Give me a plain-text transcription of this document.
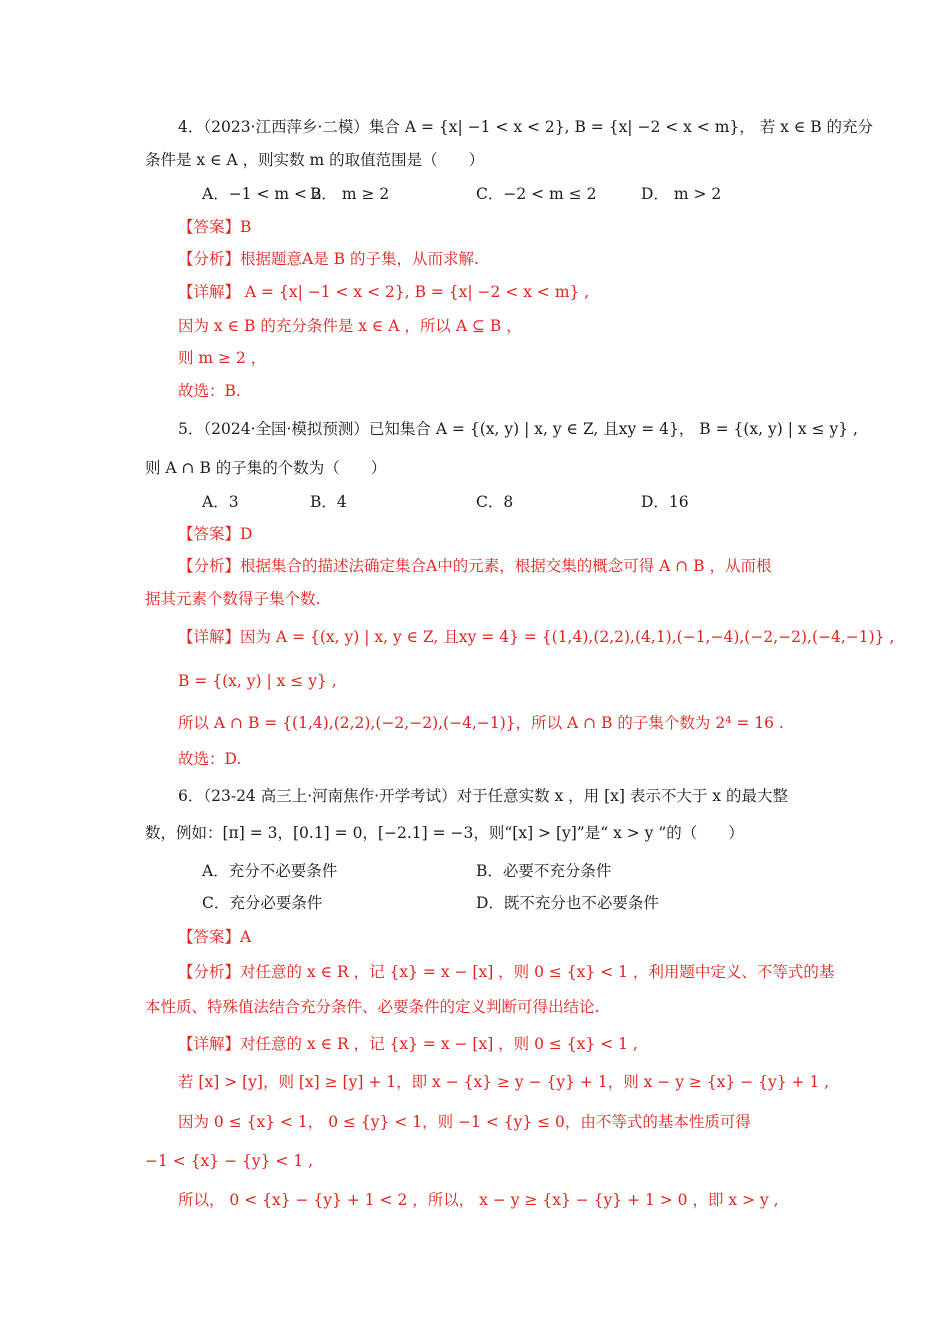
4．（2023·江西萍乡·二模）集合 A = {x| −1 < x < 2}, B = {x| −2 < x < m}， 若 x ∈ B 的充分
条件是 x ∈ A ，则实数 m 的取值范围是（　　）
A．−1 < m < 2
B． m ≥ 2	C．−2 < m ≤ 2	D． m > 2
【答案】B
【分析】根据题意A是 B 的子集，从而求解.
【详解】 A = {x| −1 < x < 2}, B = {x| −2 < x < m} ,
因为 x ∈ B 的充分条件是 x ∈ A ，所以 A ⊆ B ，
则 m ≥ 2 ，
故选：B.
5．（2024·全国·模拟预测）已知集合 A = {(x, y) | x, y ∈ Z, 且xy = 4}， B = {(x, y) | x ≤ y} ,
则 A ∩ B 的子集的个数为（　　）
A．3	B．4	C．8	D．16
【答案】D
【分析】根据集合的描述法确定集合A中的元素，根据交集的概念可得 A ∩ B ，从而根
据其元素个数得子集个数.
【详解】因为 A = {(x, y) | x, y ∈ Z, 且xy = 4} = {(1,4),(2,2),(4,1),(−1,−4),(−2,−2),(−4,−1)} ,
B = {(x, y) | x ≤ y} ,
所以 A ∩ B = {(1,4),(2,2),(−2,−2),(−4,−1)}，所以 A ∩ B 的子集个数为 2⁴ = 16 .
故选：D.
6．（23-24 高三上·河南焦作·开学考试）对于任意实数 x ，用 [x] 表示不大于 x 的最大整
数，例如：[π] = 3，[0.1] = 0，[−2.1] = −3，则“[x] > [y]”是“ x > y ”的（　　）
A．充分不必要条件	B．必要不充分条件
C．充分必要条件	D．既不充分也不必要条件
【答案】A
【分析】对任意的 x ∈ R ，记 {x} = x − [x] ，则 0 ≤ {x} < 1 ，利用题中定义、不等式的基
本性质、特殊值法结合充分条件、必要条件的定义判断可得出结论.
【详解】对任意的 x ∈ R ，记 {x} = x − [x] ，则 0 ≤ {x} < 1 ,
若 [x] > [y]，则 [x] ≥ [y] + 1，即 x − {x} ≥ y − {y} + 1，则 x − y ≥ {x} − {y} + 1 ,
因为 0 ≤ {x} < 1， 0 ≤ {y} < 1，则 −1 < {y} ≤ 0，由不等式的基本性质可得
−1 < {x} − {y} < 1 ,
所以， 0 < {x} − {y} + 1 < 2 ，所以， x − y ≥ {x} − {y} + 1 > 0 ，即 x > y ,
